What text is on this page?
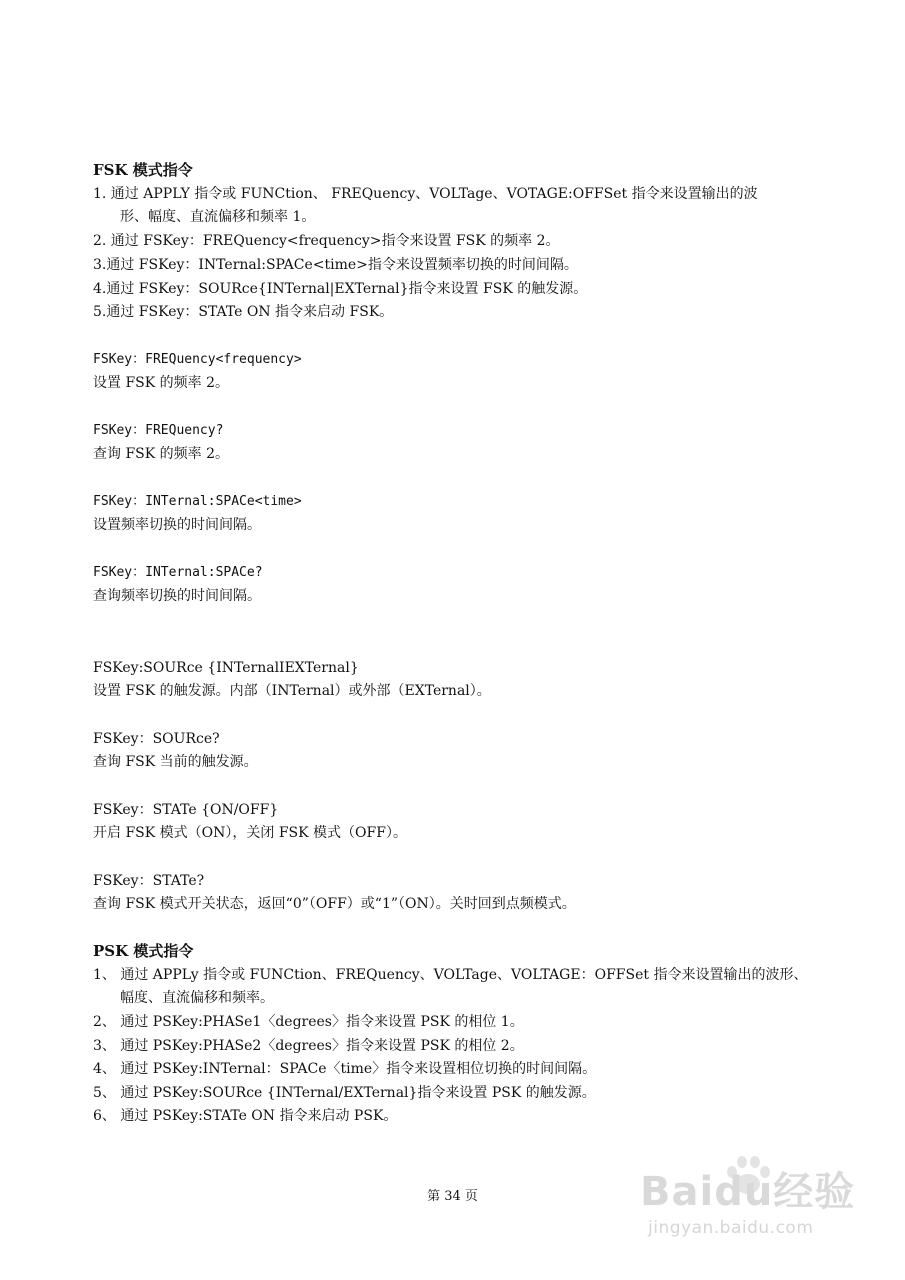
FSK 模式指令
1. 通过 APPLY 指令或 FUNCtion、 FREQuency、VOLTage、VOTAGE:OFFSet 指令来设置输出的波
形、幅度、直流偏移和频率 1。
2. 通过 FSKey：FREQuency<frequency>指令来设置 FSK 的频率 2。
3.通过 FSKey：INTernal:SPACe<time>指令来设置频率切换的时间间隔。
4.通过 FSKey：SOURce{INTernal|EXTernal}指令来设置 FSK 的触发源。
5.通过 FSKey：STATe ON 指令来启动 FSK。
FSKey：FREQuency<frequency>
设置 FSK 的频率 2。
FSKey：FREQuency?
查询 FSK 的频率 2。
FSKey：INTernal:SPACe<time>
设置频率切换的时间间隔。
FSKey：INTernal:SPACe?
查询频率切换的时间间隔。
FSKey:SOURce {INTernalIEXTernal}
设置 FSK 的触发源。内部（INTernal）或外部（EXTernal）。
FSKey：SOURce?
查询 FSK 当前的触发源。
FSKey：STATe {ON/OFF}
开启 FSK 模式（ON），关闭 FSK 模式（OFF）。
FSKey：STATe?
查询 FSK 模式开关状态，返回“0”（OFF）或“1”（ON）。关时回到点频模式。
PSK 模式指令
1、 通过 APPLy 指令或 FUNCtion、FREQuency、VOLTage、VOLTAGE：OFFSet 指令来设置输出的波形、
幅度、直流偏移和频率。
2、 通过 PSKey:PHASe1〈degrees〉指令来设置 PSK 的相位 1。
3、 通过 PSKey:PHASe2〈degrees〉指令来设置 PSK 的相位 2。
4、 通过 PSKey:INTernal：SPACe〈time〉指令来设置相位切换的时间间隔。
5、 通过 PSKey:SOURce {INTernal/EXTernal}指令来设置 PSK 的触发源。
6、 通过 PSKey:STATe ON 指令来启动 PSK。
第 34 页	Baidu经验
jingyan.baidu.com
